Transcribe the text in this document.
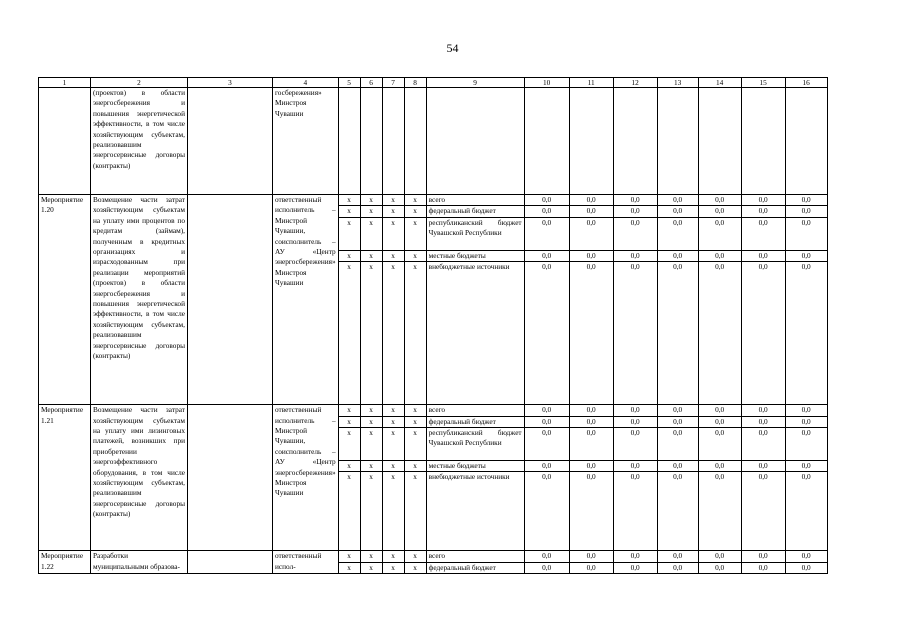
54
1	2	3	4	5	6	7	8	9	10	11	12	13	14	15	16
	(проектов) в области энергосбережения и повышения энергетической эффективности, в том числе хозяйствующим субъектам, реализовавшим энергосервисные договоры (контракты)		госбережения» Минстроя Чувашии												
Мероприятие 1.20	Возмещение части затрат хозяйствующим субъектам на уплату ими процентов по кредитам (займам), полученным в кредитных организациях и израсходованным при реализации мероприятий (проектов) в области энергосбережения и повышения энергетической эффективности, в том числе хозяйствующим субъектам, реализовавшим энергосервисные договоры (контракты)		ответственный исполнитель – Минстрой Чувашии, соисполнитель – АУ «Центр энергосбережения» Минстроя Чувашии	x	x	x	x	всего	0,0	0,0	0,0	0,0	0,0	0,0	0,0
				x	x	x	x	федеральный бюджет	0,0	0,0	0,0	0,0	0,0	0,0	0,0
				x	x	x	x	республиканский бюджет Чувашской Республики	0,0	0,0	0,0	0,0	0,0	0,0	0,0
				x	x	x	x	местные бюджеты	0,0	0,0	0,0	0,0	0,0	0,0	0,0
				x	x	x	x	внебюджетные источники	0,0	0,0	0,0	0,0	0,0	0,0	0,0
Мероприятие 1.21	Возмещение части затрат хозяйствующим субъектам на уплату ими лизинговых платежей, возникших при приобретении энергоэффективного оборудования, в том числе хозяйствующим субъектам, реализовавшим энергосервисные договоры (контракты)		ответственный исполнитель – Минстрой Чувашии, соисполнитель – АУ «Центр энергосбережения» Минстроя Чувашии	x	x	x	x	всего	0,0	0,0	0,0	0,0	0,0	0,0	0,0
				x	x	x	x	федеральный бюджет	0,0	0,0	0,0	0,0	0,0	0,0	0,0
				x	x	x	x	республиканский бюджет Чувашской Республики	0,0	0,0	0,0	0,0	0,0	0,0	0,0
				x	x	x	x	местные бюджеты	0,0	0,0	0,0	0,0	0,0	0,0	0,0
				x	x	x	x	внебюджетные источники	0,0	0,0	0,0	0,0	0,0	0,0	0,0
Мероприятие 1.22	Разработки муниципальными образова-		ответственный испол-	x	x	x	x	всего	0,0	0,0	0,0	0,0	0,0	0,0	0,0
				x	x	x	x	федеральный бюджет	0,0	0,0	0,0	0,0	0,0	0,0	0,0
